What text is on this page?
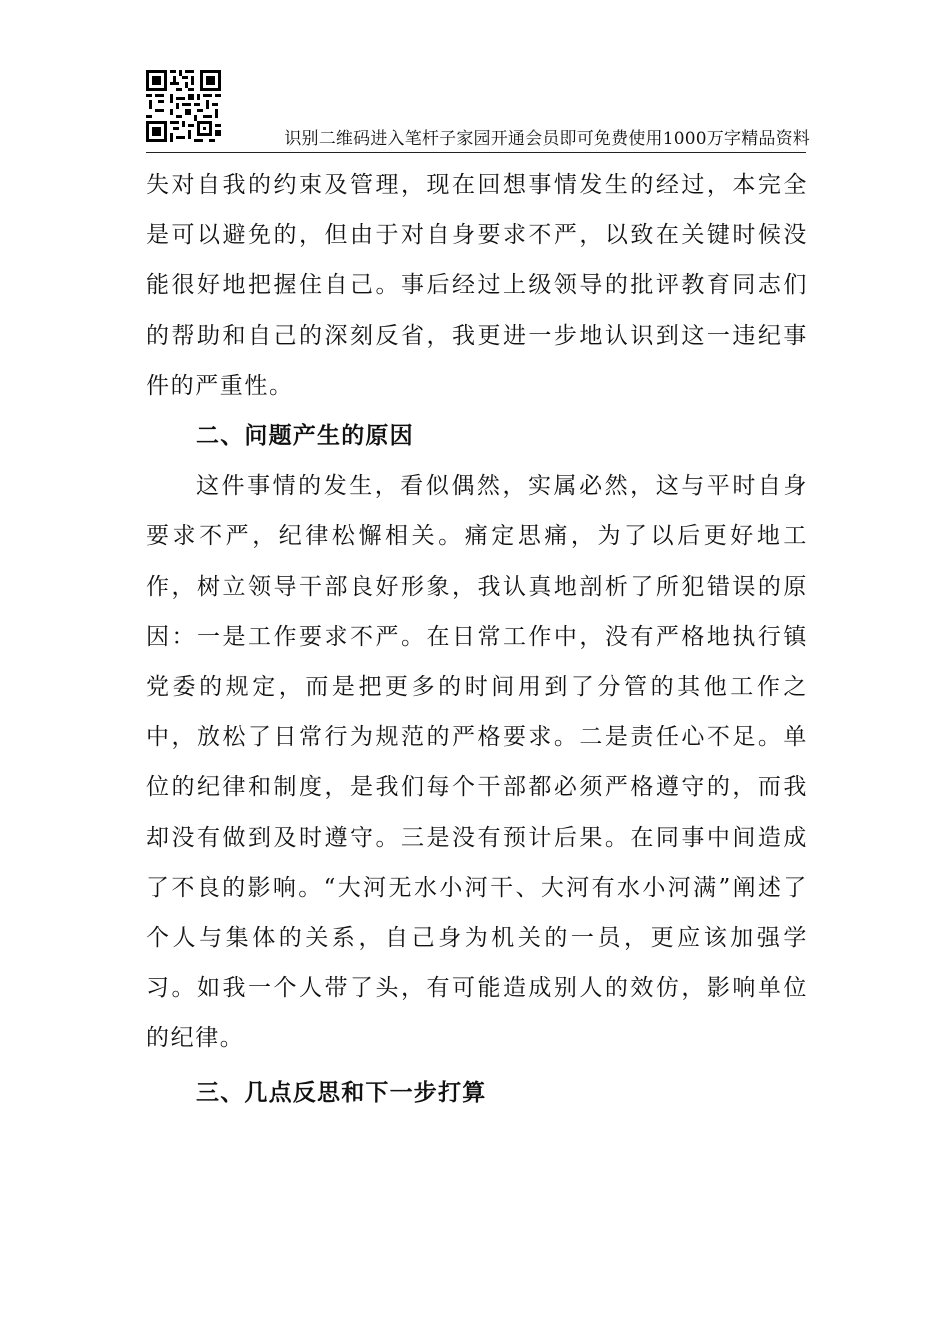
识别二维码进入笔杆子家园开通会员即可免费使用1000万字精品资料

失对自我的约束及管理，现在回想事情发生的经过，本完全是可以避免的，但由于对自身要求不严，以致在关键时候没能很好地把握住自己。事后经过上级领导的批评教育同志们的帮助和自己的深刻反省，我更进一步地认识到这一违纪事件的严重性。

二、问题产生的原因

这件事情的发生，看似偶然，实属必然，这与平时自身要求不严，纪律松懈相关。痛定思痛，为了以后更好地工作，树立领导干部良好形象，我认真地剖析了所犯错误的原因：一是工作要求不严。在日常工作中，没有严格地执行镇党委的规定，而是把更多的时间用到了分管的其他工作之中，放松了日常行为规范的严格要求。二是责任心不足。单位的纪律和制度，是我们每个干部都必须严格遵守的，而我却没有做到及时遵守。三是没有预计后果。在同事中间造成了不良的影响。“大河无水小河干、大河有水小河满”阐述了个人与集体的关系，自己身为机关的一员，更应该加强学习。如我一个人带了头，有可能造成别人的效仿，影响单位的纪律。

三、几点反思和下一步打算
